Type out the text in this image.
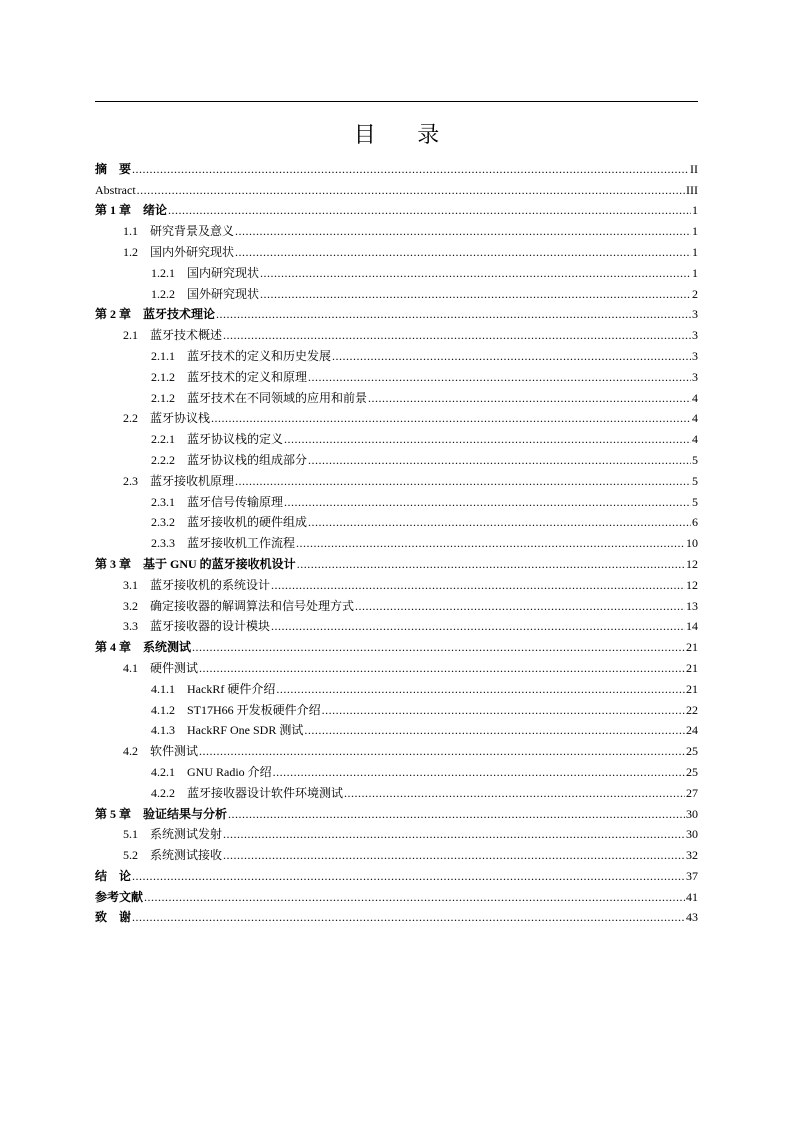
目 录
摘    要 .....	II
Abstract .....	III
第 1 章 绪论 .....	1
1.1 研究背景及意义 .....	1
1.2 国内外研究现状 .....	1
1.2.1 国内研究现状 .....	1
1.2.2 国外研究现状 .....	2
第 2 章 蓝牙技术理论 .....	3
2.1 蓝牙技术概述 .....	3
2.1.1 蓝牙技术的定义和历史发展 .....	3
2.1.2 蓝牙技术的定义和原理 .....	3
2.1.2 蓝牙技术在不同领域的应用和前景 .....	4
2.2 蓝牙协议栈 .....	4
2.2.1 蓝牙协议栈的定义 .....	4
2.2.2 蓝牙协议栈的组成部分 .....	5
2.3 蓝牙接收机原理 .....	5
2.3.1 蓝牙信号传输原理 .....	5
2.3.2 蓝牙接收机的硬件组成 .....	6
2.3.3 蓝牙接收机工作流程 .....	10
第 3 章 基于 GNU 的蓝牙接收机设计 .....	12
3.1 蓝牙接收机的系统设计 .....	12
3.2 确定接收器的解调算法和信号处理方式 .....	13
3.3 蓝牙接收器的设计模块 .....	14
第 4 章 系统测试 .....	21
4.1 硬件测试 .....	21
4.1.1 HackRf 硬件介绍 .....	21
4.1.2 ST17H66 开发板硬件介绍 .....	22
4.1.3 HackRF One SDR 测试 .....	24
4.2 软件测试 .....	25
4.2.1 GNU Radio 介绍 .....	25
4.2.2 蓝牙接收器设计软件环境测试 .....	27
第 5 章 验证结果与分析 .....	30
5.1 系统测试发射 .....	30
5.2 系统测试接收 .....	32
结    论 .....	37
参考文献 .....	41
致    谢 .....	43
